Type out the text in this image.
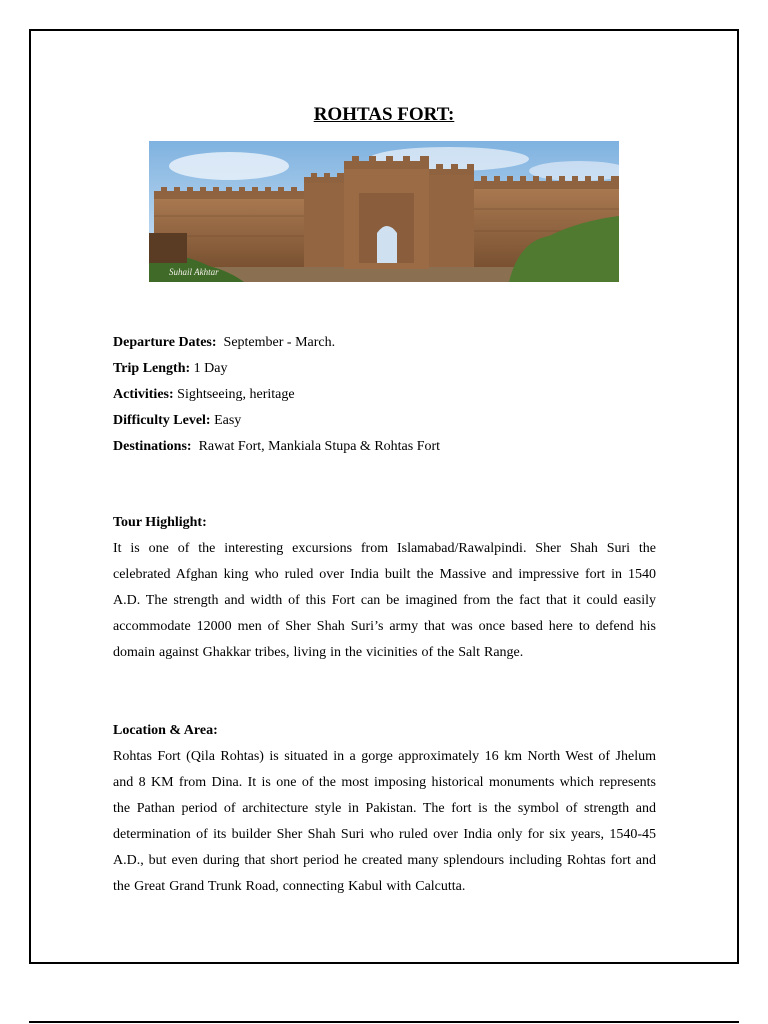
ROHTAS FORT:
Suhail Akhtar

Departure Dates:  September - March.

Trip Length: 1 Day

Activities: Sightseeing, heritage

Difficulty Level: Easy

Destinations:  Rawat Fort, Mankiala Stupa & Rohtas Fort

Tour Highlight:

It is one of the interesting excursions from Islamabad/Rawalpindi. Sher Shah Suri the celebrated Afghan king who ruled over India built the Massive and impressive fort in 1540 A.D. The strength and width of this Fort can be imagined from the fact that it could easily accommodate 12000 men of Sher Shah Suri’s army that was once based here to defend his domain against Ghakkar tribes, living in the vicinities of the Salt Range.

Location & Area:

Rohtas Fort (Qila Rohtas) is situated in a gorge approximately 16 km North West of Jhelum and 8 KM from Dina. It is one of the most imposing historical monuments which represents the Pathan period of architecture style in Pakistan. The fort is the symbol of strength and determination of its builder Sher Shah Suri who ruled over India only for six years, 1540-45 A.D., but even during that short period he created many splendours including Rohtas fort and the Great Grand Trunk Road, connecting Kabul with Calcutta.
